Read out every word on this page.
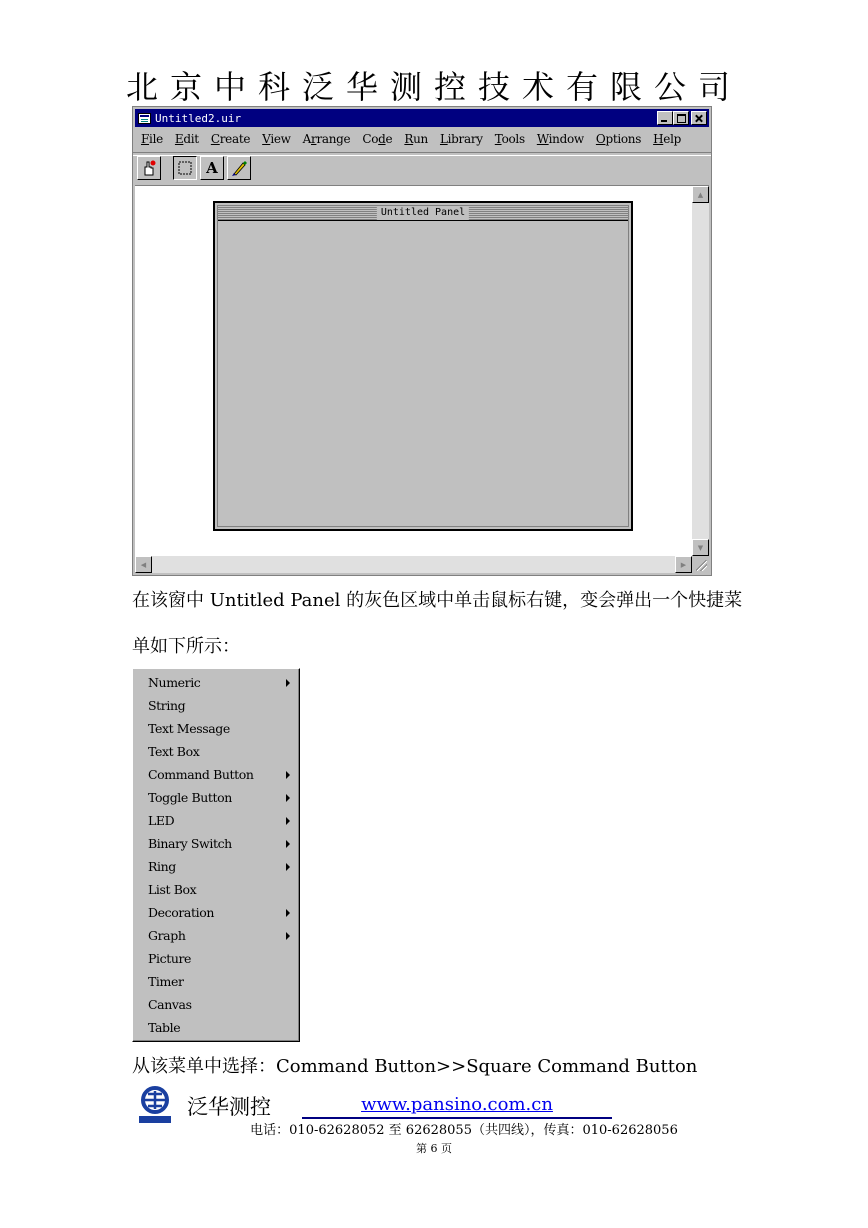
北京中科泛华测控技术有限公司
Untitled2.uir
File Edit Create View Arrange Code Run Library Tools Window Options Help
A
Untitled Panel
▲
▼
◀	▶
在该窗中 Untitled Panel 的灰色区域中单击鼠标右键，变会弹出一个快捷菜
单如下所示：
Numeric
String
Text Message
Text Box
Command Button
Toggle Button
LED
Binary Switch
Ring
List Box
Decoration
Graph
Picture
Timer
Canvas
Table
从该菜单中选择：Command Button>>Square Command Button
泛华测控	www.pansino.com.cn
电话：010-62628052 至 62628055（共四线），传真：010-62628056
第 6 页
